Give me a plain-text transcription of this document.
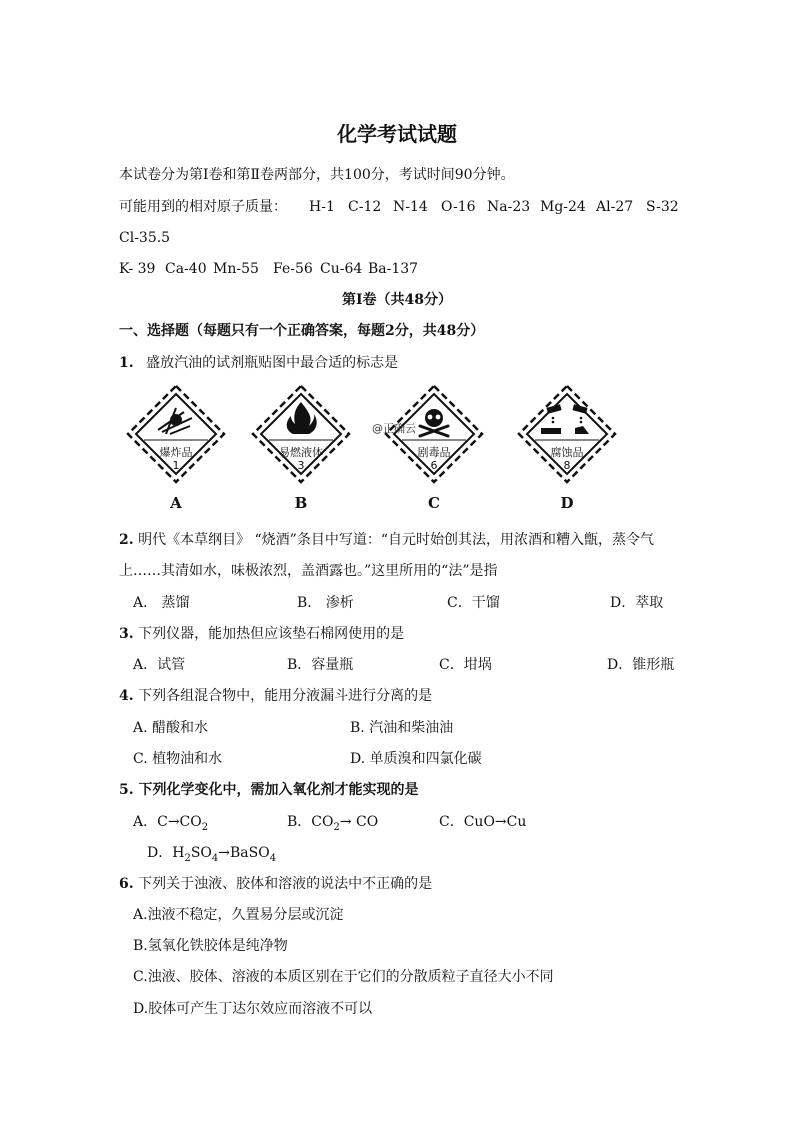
化学考试试题
本试卷分为第Ⅰ卷和第Ⅱ卷两部分，共100分，考试时间90分钟。
可能用到的相对原子质量： H-1 C-12 N-14 O-16 Na-23 Mg-24 Al-27 S-32
Cl-35.5
K- 39 Ca-40 Mn-55 Fe-56 Cu-64 Ba-137
第Ⅰ卷（共48分）
一、选择题（每题只有一个正确答案，每题2分，共48分）
1. 盛放汽油的试剂瓶贴图中最合适的标志是
爆炸品
1
易燃液体
3
剧毒品
6
腐蚀品
8
@正确云
A	B	C	D
2. 明代《本草纲目》 “烧酒”条目中写道：“自元时始创其法，用浓酒和糟入甑，蒸令气
上……其清如水，味极浓烈，盖酒露也。”这里所用的“法”是指
A． 蒸馏	B． 渗析	C．干馏	D．萃取
3. 下列仪器，能加热但应该垫石棉网使用的是
A．试管	B．容量瓶	C．坩埚	D．锥形瓶
4. 下列各组混合物中，能用分液漏斗进行分离的是
A. 醋酸和水	B. 汽油和柴油油
C. 植物油和水	D. 单质溴和四氯化碳
5. 下列化学变化中，需加入氧化剂才能实现的是
A．$C\to CO_2$	B．$CO_2\to$ CO	C．CuO→Cu
D．$H_2SO_4\to BaSO_4$
6. 下列关于浊液、胶体和溶液的说法中不正确的是
A.浊液不稳定，久置易分层或沉淀
B.氢氧化铁胶体是纯净物
C.浊液、胶体、溶液的本质区别在于它们的分散质粒子直径大小不同
D.胶体可产生丁达尔效应而溶液不可以
